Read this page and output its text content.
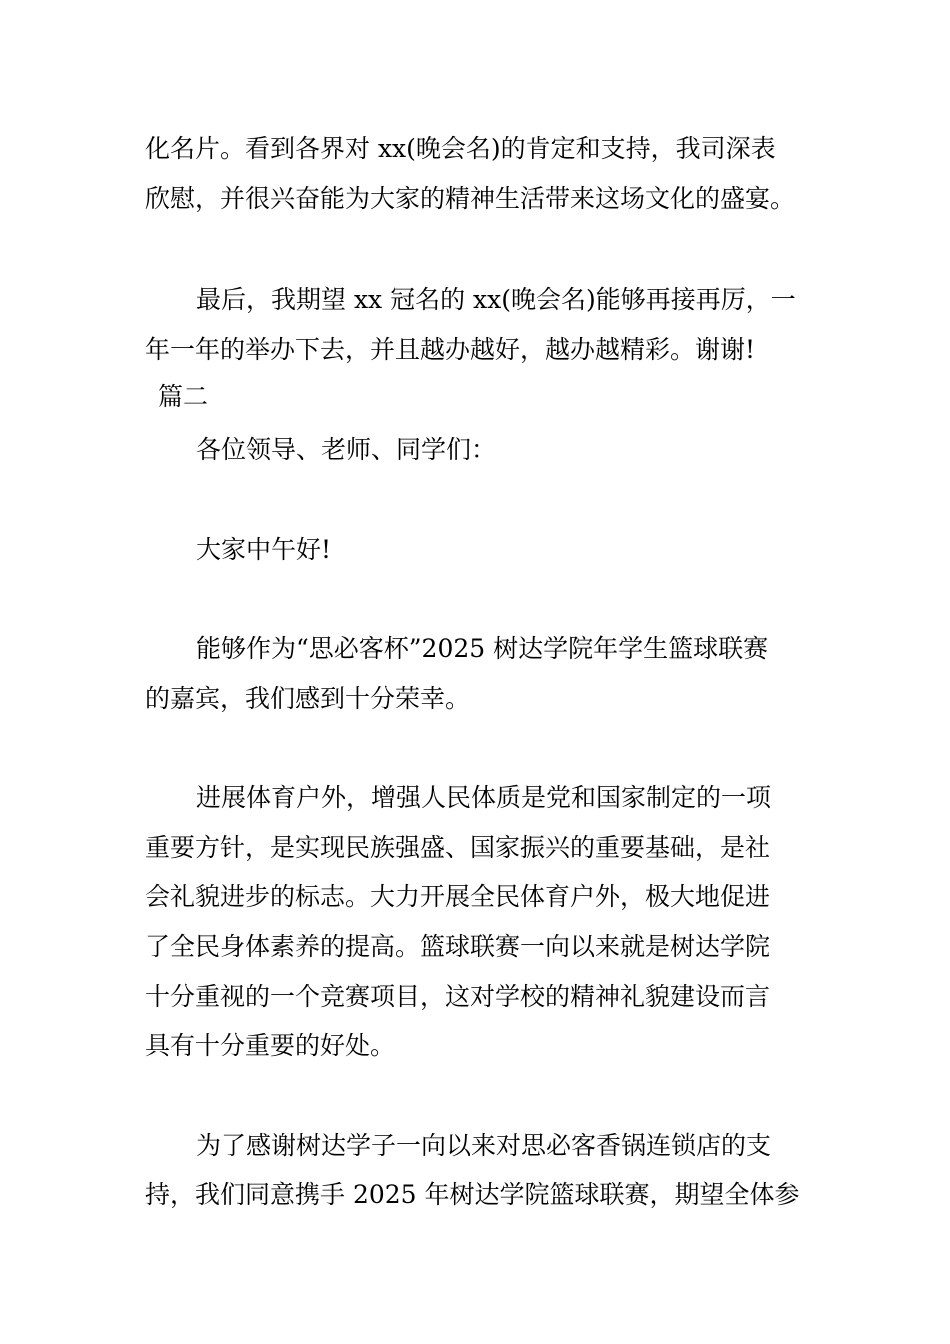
化名片。看到各界对 xx(晚会名)的肯定和支持，我司深表
欣慰，并很兴奋能为大家的精神生活带来这场文化的盛宴。
最后，我期望 xx 冠名的 xx(晚会名)能够再接再厉，一
年一年的举办下去，并且越办越好，越办越精彩。谢谢!
篇二
各位领导、老师、同学们：
大家中午好!
能够作为“思必客杯”2025 树达学院年学生篮球联赛
的嘉宾，我们感到十分荣幸。
进展体育户外，增强人民体质是党和国家制定的一项
重要方针，是实现民族强盛、国家振兴的重要基础，是社
会礼貌进步的标志。大力开展全民体育户外，极大地促进
了全民身体素养的提高。篮球联赛一向以来就是树达学院
十分重视的一个竞赛项目，这对学校的精神礼貌建设而言
具有十分重要的好处。
为了感谢树达学子一向以来对思必客香锅连锁店的支
持，我们同意携手 2025 年树达学院篮球联赛，期望全体参
